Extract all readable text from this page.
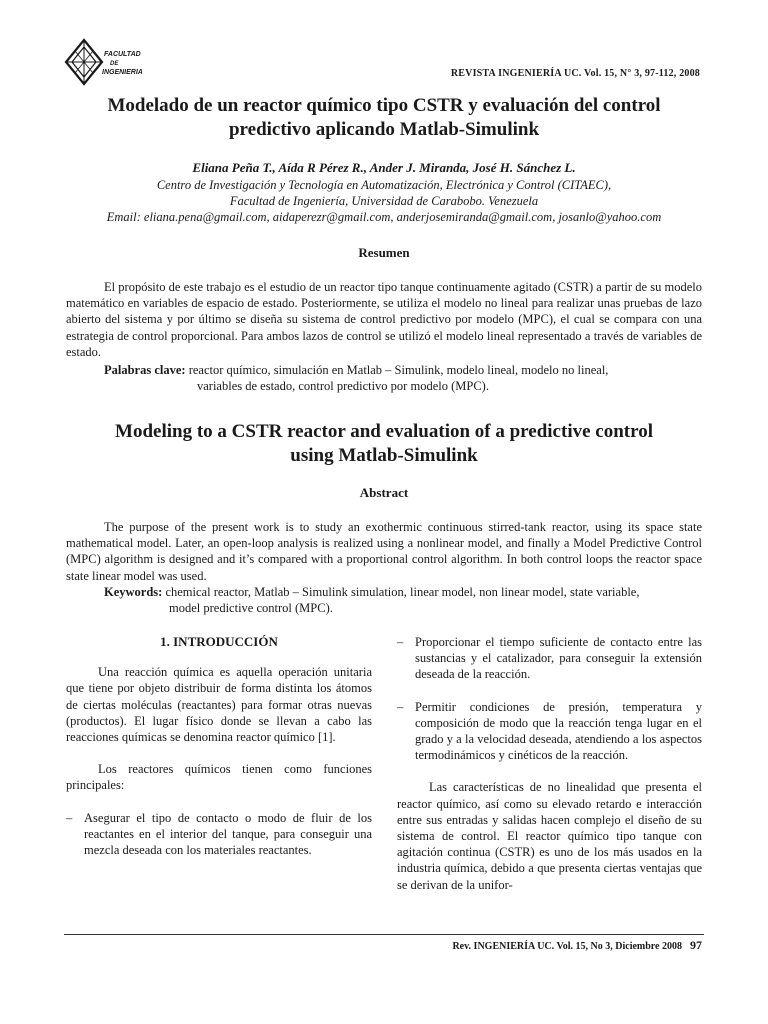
FACULTAD
DE
INGENIERIA	REVISTA INGENIERÍA UC. Vol. 15, N° 3, 97-112, 2008
Modelado de un reactor químico tipo CSTR y evaluación del control
predictivo aplicando Matlab-Simulink
Eliana Peña T., Aída R Pérez R., Ander J. Miranda, José H. Sánchez L.
Centro de Investigación y Tecnología en Automatización, Electrónica y Control (CITAEC),
Facultad de Ingeniería, Universidad de Carabobo. Venezuela
Email: eliana.pena@gmail.com, aidaperezr@gmail.com, anderjosemiranda@gmail.com, josanlo@yahoo.com
Resumen

El propósito de este trabajo es el estudio de un reactor tipo tanque continuamente agitado (CSTR) a partir de su modelo matemático en variables de espacio de estado. Posteriormente, se utiliza el modelo no lineal para realizar unas pruebas de lazo abierto del sistema y por último se diseña su sistema de control predictivo por modelo (MPC), el cual se compara con una estrategia de control proporcional. Para ambos lazos de control se utilizó el modelo lineal representado a través de variables de estado.

Palabras clave: reactor químico, simulación en Matlab – Simulink, modelo lineal, modelo no lineal,
variables de estado, control predictivo por modelo (MPC).
Modeling to a CSTR reactor and evaluation of a predictive control
using Matlab-Simulink
Abstract

The purpose of the present work is to study an exothermic continuous stirred-tank reactor, using its space state mathematical model. Later, an open-loop analysis is realized using a nonlinear model, and finally a Model Predictive Control (MPC) algorithm is designed and it’s compared with a proportional control algorithm. In both control loops the reactor space state linear model was used.

Keywords: chemical reactor, Matlab – Simulink simulation, linear model, non linear model, state variable,
model predictive control (MPC).
1. INTRODUCCIÓN

Una reacción química es aquella operación unitaria que tiene por objeto distribuir de forma distinta los átomos de ciertas moléculas (reactantes) para formar otras nuevas (productos). El lugar físico donde se llevan a cabo las reacciones químicas se denomina reactor químico [1].

Los reactores químicos tienen como funciones principales:

– Asegurar el tipo de contacto o modo de fluir de los reactantes en el interior del tanque, para conseguir una mezcla deseada con los materiales reactantes.
– Proporcionar el tiempo suficiente de contacto entre las sustancias y el catalizador, para conseguir la extensión deseada de la reacción.
– Permitir condiciones de presión, temperatura y composición de modo que la reacción tenga lugar en el grado y a la velocidad deseada, atendiendo a los aspectos termodinámicos y cinéticos de la reacción.

Las características de no linealidad que presenta el reactor químico, así como su elevado retardo e interacción entre sus entradas y salidas hacen complejo el diseño de su sistema de control. El reactor químico tipo tanque con agitación continua (CSTR) es uno de los más usados en la industria química, debido a que presenta ciertas ventajas que se derivan de la unifor-

Rev. INGENIERÍA UC. Vol. 15, No 3, Diciembre 2008 97
